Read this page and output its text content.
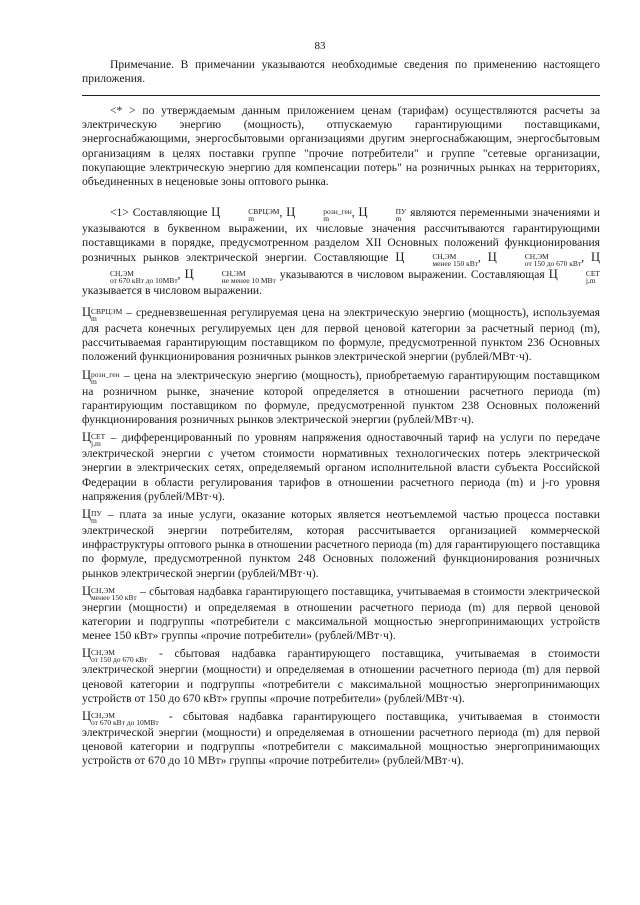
83

Примечание. В примечании указываются необходимые сведения по применению настоящего приложения.

<* > по утверждаемым данным приложением ценам (тарифам) осуществляются расчеты за электрическую энергию (мощность), отпускаемую гарантирующими поставщиками, энергоснабжающими, энергосбытовыми организациями другим энергоснабжающим, энергосбытовым организациям в целях поставки группе "прочие потребители" и группе "сетевые организации, покупающие электрическую энергию для компенсации потерь" на розничных рынках на территориях, объединенных в неценовые зоны оптового рынка.

<1> Составляющие Ц	СВРЦЭМ
m	, Ц	розн_ген
m	, Ц	ПУ
m являются переменными значениями и указываются в буквенном выражении, их числовые значения рассчитываются гарантирующими поставщиками в порядке, предусмотренном разделом XII Основных положений функционирования розничных рынков электрической энергии. Составляющие Ц	СН,ЭМ
менее 150 кВт , Ц	СН,ЭМ
от 150 до 670 кВт , Ц
СН,ЭМ
от 670 кВт до 10МВт , Ц	СН,ЭМ
не менее 10 МВт указываются в числовом выражении. Составляющая Ц	СЕТ
j,m
указывается в числовом выражении.

Ц СВРЦЭМ
m	– средневзвешенная регулируемая цена на электрическую энергию (мощность), используемая для расчета конечных регулируемых цен для первой ценовой категории за расчетный период (m), рассчитываемая гарантирующим поставщиком по формуле, предусмотренной пунктом 236 Основных положений функционирования розничных рынков электрической энергии (рублей/МВт·ч).

Ц розн_ген
m	– цена на электрическую энергию (мощность), приобретаемую гарантирующим поставщиком на розничном рынке, значение которой определяется в отношении расчетного периода (m) гарантирующим поставщиком по формуле, предусмотренной пунктом 238 Основных положений функционирования розничных рынков электрической энергии (рублей/МВт·ч).

Ц СЕТ
j,m – дифференцированный по уровням напряжения одноставочный тариф на услуги по передаче электрической энергии с учетом стоимости нормативных технологических потерь электрической энергии в электрических сетях, определяемый органом исполнительной власти субъекта Российской Федерации в области регулирования тарифов в отношении расчетного периода (m) и j-го уровня напряжения (рублей/МВт·ч).

Ц ПУ
m – плата за иные услуги, оказание которых является неотъемлемой частью процесса поставки электрической энергии потребителям, которая рассчитывается организацией коммерческой инфраструктуры оптового рынка в отношении расчетного периода (m) для гарантирующего поставщика по формуле, предусмотренной пунктом 248 Основных положений функционирования розничных рынков электрической энергии (рублей/МВт·ч).

Ц СН,ЭМ
менее 150 кВт – сбытовая надбавка гарантирующего поставщика, учитываемая в стоимости электрической энергии (мощности) и определяемая в отношении расчетного периода (m) для первой ценовой категории и подгруппы «потребители с максимальной мощностью энергопринимающих устройств менее 150 кВт» группы «прочие потребители» (рублей/МВт·ч).

Ц СН,ЭМ
от 150 до 670 кВт - сбытовая надбавка гарантирующего поставщика, учитываемая в стоимости электрической энергии (мощности) и определяемая в отношении расчетного периода (m) для первой ценовой категории и подгруппы «потребители с максимальной мощностью энергопринимающих устройств от 150 до 670 кВт» группы «прочие потребители» (рублей/МВт·ч).

Ц СН,ЭМ
от 670 кВт до 10МВт - сбытовая надбавка гарантирующего поставщика, учитываемая в стоимости электрической энергии (мощности) и определяемая в отношении расчетного периода (m) для первой ценовой категории и подгруппы «потребители с максимальной мощностью энергопринимающих устройств от 670 до 10 МВт» группы «прочие потребители» (рублей/МВт·ч).
